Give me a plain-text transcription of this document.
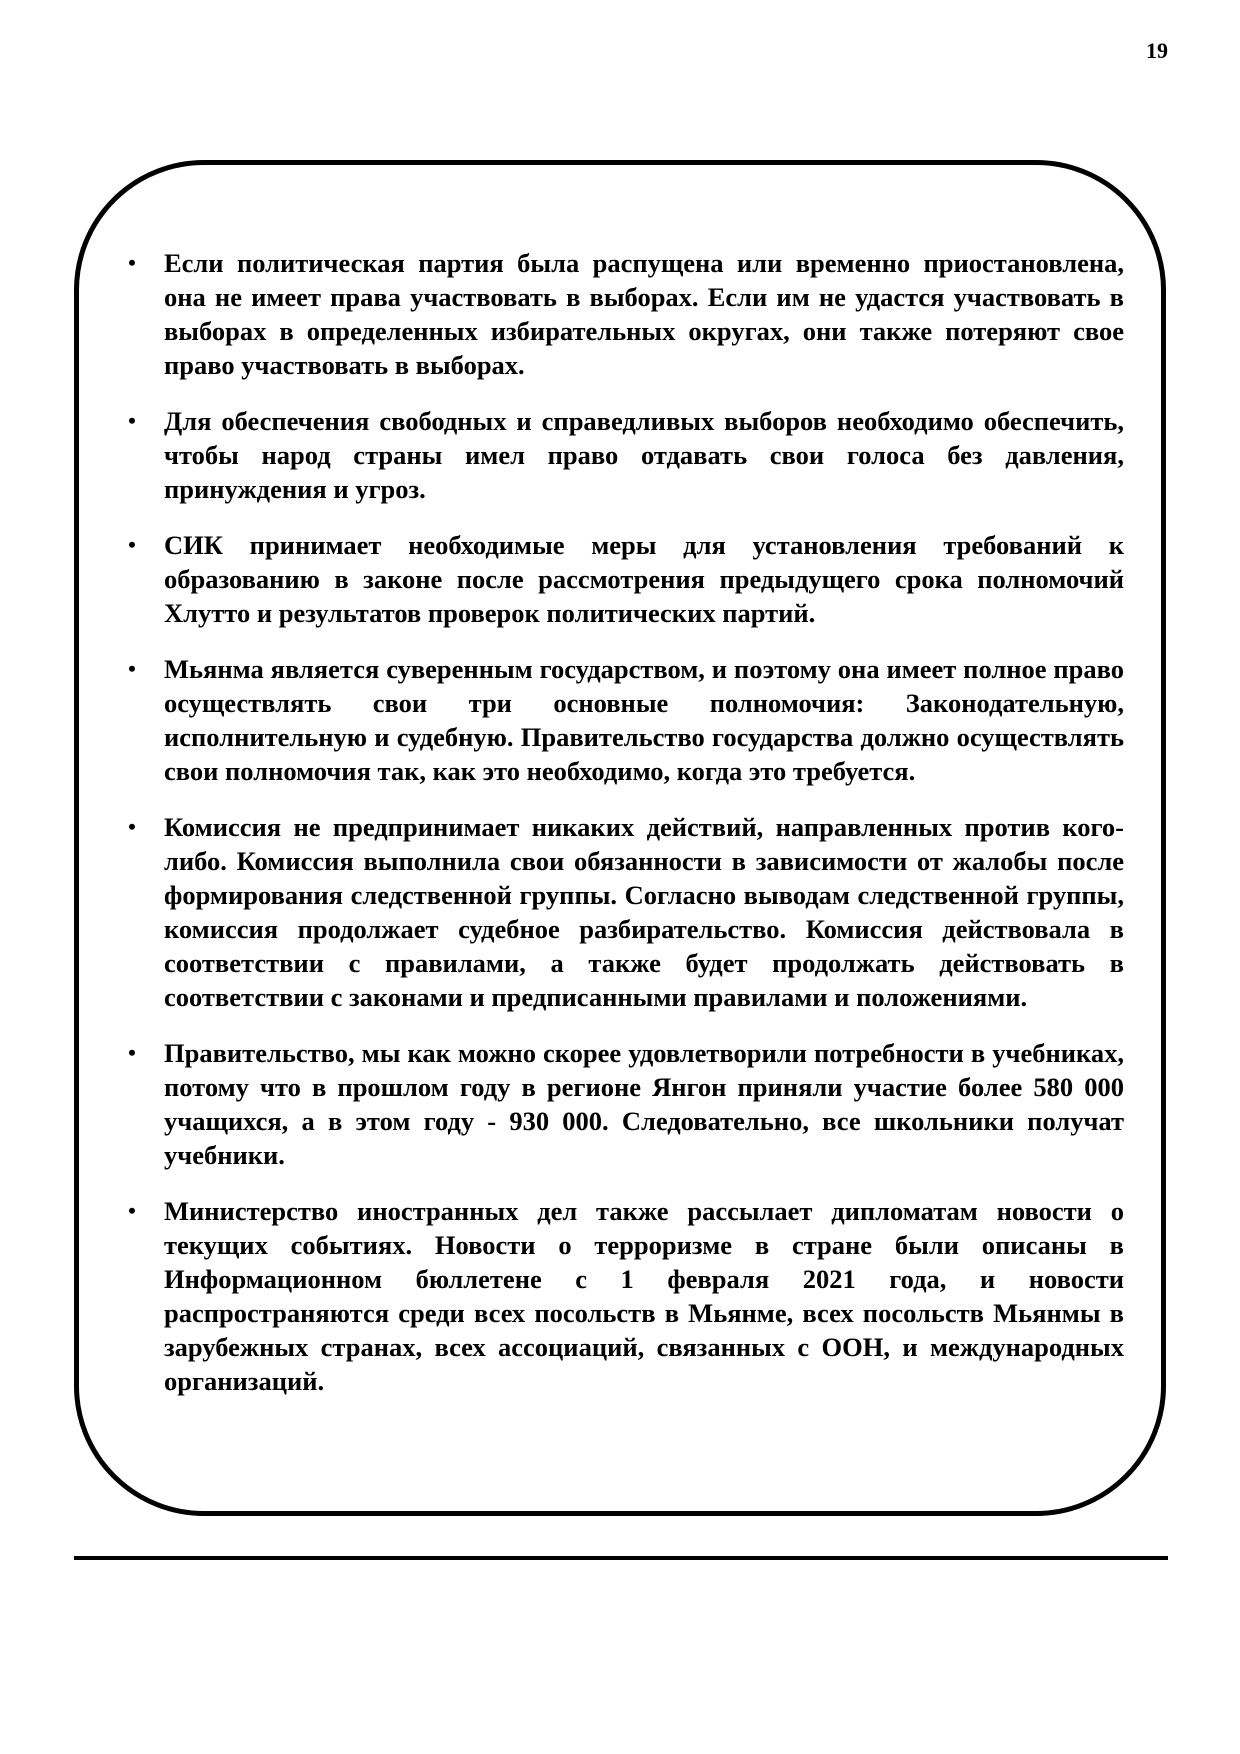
19
• Если политическая партия была распущена или временно приостановлена, она не имеет права участвовать в выборах. Если им не удастся участвовать в выборах в определенных избирательных округах, они также потеряют свое право участвовать в выборах.
• Для обеспечения свободных и справедливых выборов необходимо обеспечить, чтобы народ страны имел право отдавать свои голоса без давления, принуждения и угроз.
• СИК принимает необходимые меры для установления требований к образованию в законе после рассмотрения предыдущего срока полномочий Хлутто и результатов проверок политических партий.
• Мьянма является суверенным государством, и поэтому она имеет полное право осуществлять свои три основные полномочия: Законодательную, исполнительную и судебную. Правительство государства должно осуществлять свои полномочия так, как это необходимо, когда это требуется.
• Комиссия не предпринимает никаких действий, направленных против кого-либо. Комиссия выполнила свои обязанности в зависимости от жалобы после формирования следственной группы. Согласно выводам следственной группы, комиссия продолжает судебное разбирательство. Комиссия действовала в соответствии с правилами, а также будет продолжать действовать в соответствии с законами и предписанными правилами и положениями.
• Правительство, мы как можно скорее удовлетворили потребности в учебниках, потому что в прошлом году в регионе Янгон приняли участие более 580 000 учащихся, а в этом году - 930 000. Следовательно, все школьники получат учебники.
• Министерство иностранных дел также рассылает дипломатам новости о текущих событиях. Новости о терроризме в стране были описаны в Информационном бюллетене с 1 февраля 2021 года, и новости распространяются среди всех посольств в Мьянме, всех посольств Мьянмы в зарубежных странах, всех ассоциаций, связанных с ООН, и международных организаций.
